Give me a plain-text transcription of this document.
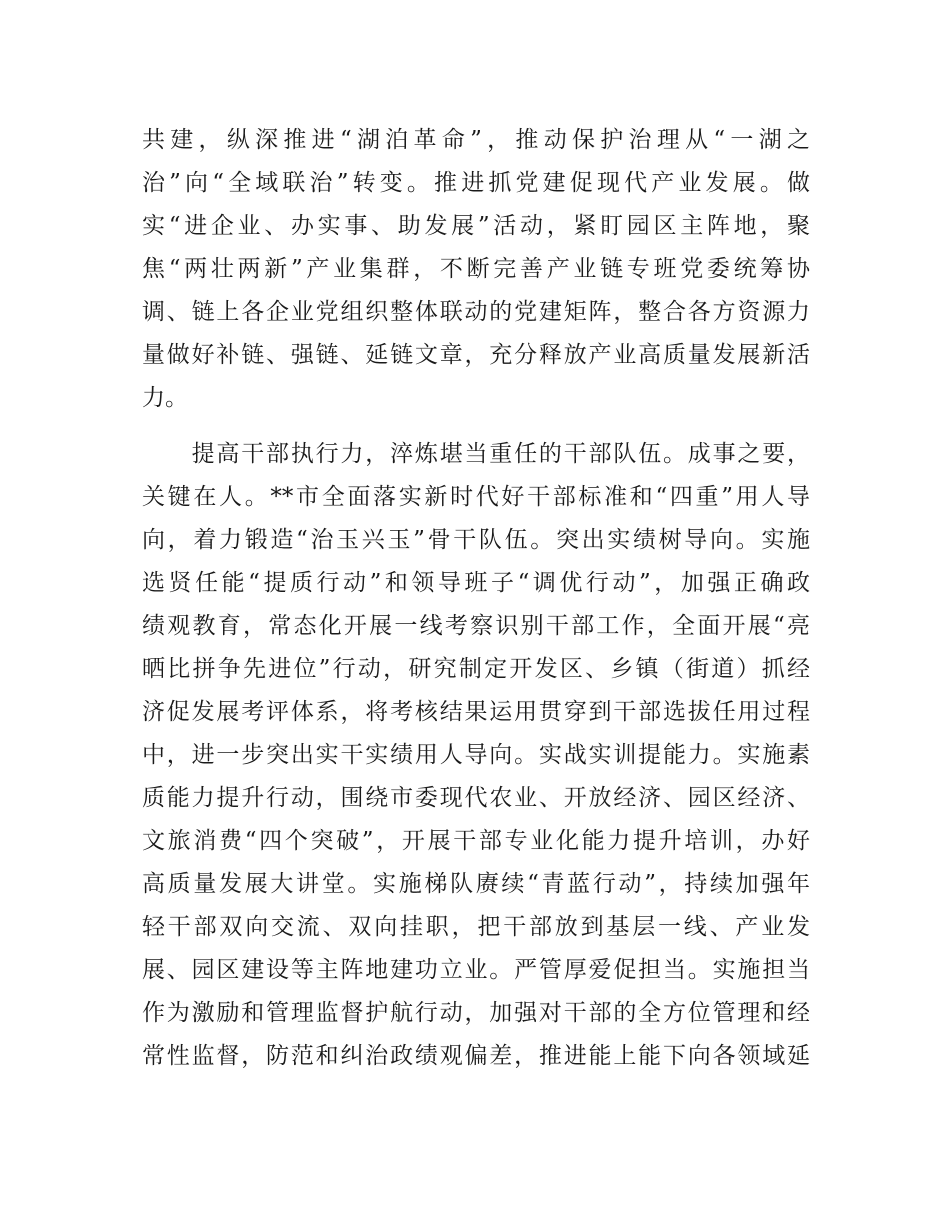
共建，纵深推进“湖泊革命”，推动保护治理从“一湖之
治”向“全域联治”转变。推进抓党建促现代产业发展。做
实“进企业、办实事、助发展”活动，紧盯园区主阵地，聚
焦“两壮两新”产业集群，不断完善产业链专班党委统筹协
调、链上各企业党组织整体联动的党建矩阵，整合各方资源力
量做好补链、强链、延链文章，充分释放产业高质量发展新活
力。
　　提高干部执行力，淬炼堪当重任的干部队伍。成事之要，
关键在人。**市全面落实新时代好干部标准和“四重”用人导
向，着力锻造“治玉兴玉”骨干队伍。突出实绩树导向。实施
选贤任能“提质行动”和领导班子“调优行动”，加强正确政
绩观教育，常态化开展一线考察识别干部工作，全面开展“亮
晒比拼争先进位”行动，研究制定开发区、乡镇（街道）抓经
济促发展考评体系，将考核结果运用贯穿到干部选拔任用过程
中，进一步突出实干实绩用人导向。实战实训提能力。实施素
质能力提升行动，围绕市委现代农业、开放经济、园区经济、
文旅消费“四个突破”，开展干部专业化能力提升培训，办好
高质量发展大讲堂。实施梯队赓续“青蓝行动”，持续加强年
轻干部双向交流、双向挂职，把干部放到基层一线、产业发
展、园区建设等主阵地建功立业。严管厚爱促担当。实施担当
作为激励和管理监督护航行动，加强对干部的全方位管理和经
常性监督，防范和纠治政绩观偏差，推进能上能下向各领域延
